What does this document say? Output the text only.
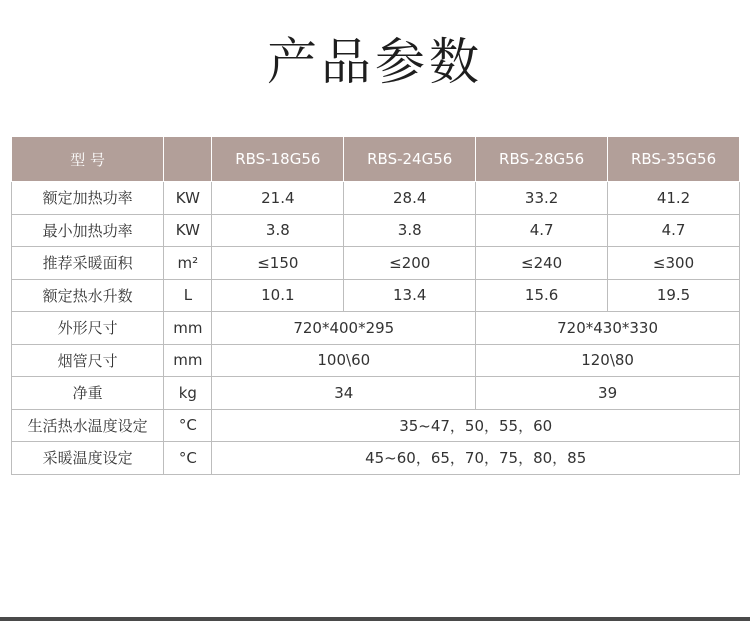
产品参数
型 号		RBS-18G56	RBS-24G56	RBS-28G56	RBS-35G56
额定加热功率	KW	21.4	28.4	33.2	41.2
最小加热功率	KW	3.8	3.8	4.7	4.7
推荐采暖面积	m²	≤150	≤200	≤240	≤300
额定热水升数	L	10.1	13.4	15.6	19.5
外形尺寸	mm	720*400*295		720*430*330	
烟管尺寸	mm	100\60		120\80	
净重	kg	34		39	
生活热水温度设定	°C	35~47，50，55，60			
采暖温度设定	°C	45~60，65，70，75，80，85			
